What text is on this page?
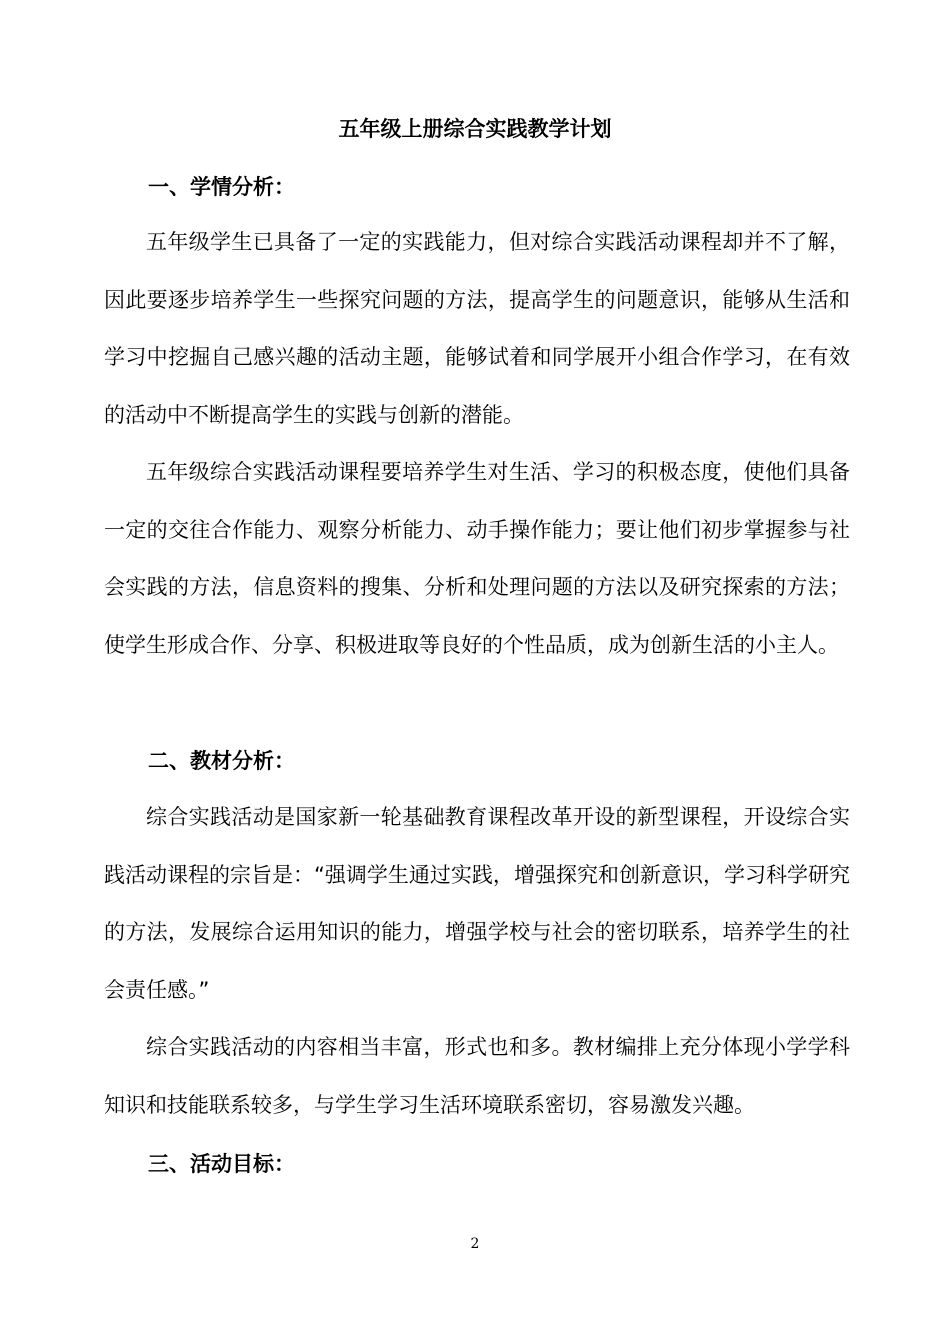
五年级上册综合实践教学计划
一、学情分析：

五年级学生已具备了一定的实践能力，但对综合实践活动课程却并不了解，因此要逐步培养学生一些探究问题的方法，提高学生的问题意识，能够从生活和学习中挖掘自己感兴趣的活动主题，能够试着和同学展开小组合作学习，在有效的活动中不断提高学生的实践与创新的潜能。

五年级综合实践活动课程要培养学生对生活、学习的积极态度，使他们具备一定的交往合作能力、观察分析能力、动手操作能力；要让他们初步掌握参与社会实践的方法，信息资料的搜集、分析和处理问题的方法以及研究探索的方法；使学生形成合作、分享、积极进取等良好的个性品质，成为创新生活的小主人。

二、教材分析：

综合实践活动是国家新一轮基础教育课程改革开设的新型课程，开设综合实践活动课程的宗旨是：“强调学生通过实践，增强探究和创新意识，学习科学研究的方法，发展综合运用知识的能力，增强学校与社会的密切联系，培养学生的社会责任感。”

综合实践活动的内容相当丰富，形式也和多。教材编排上充分体现小学学科知识和技能联系较多，与学生学习生活环境联系密切，容易激发兴趣。

三、活动目标：
2
